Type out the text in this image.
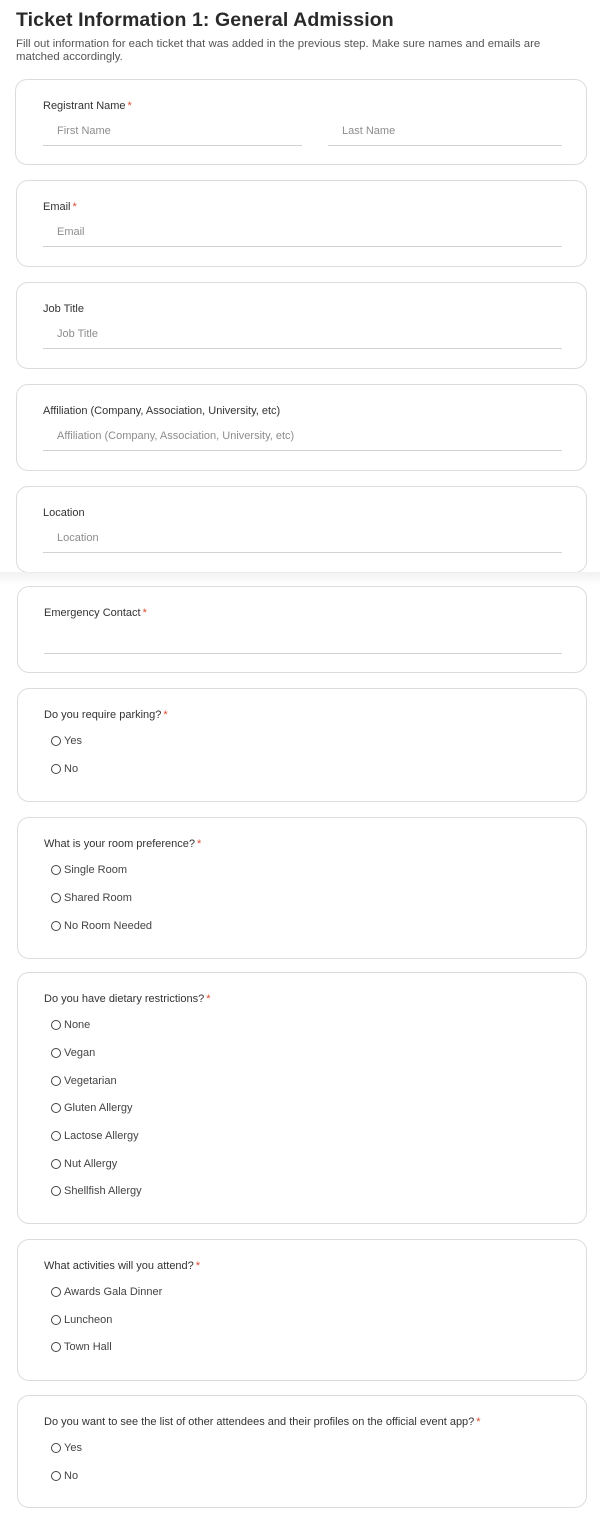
Ticket Information 1: General Admission
Fill out information for each ticket that was added in the previous step. Make sure names and emails are matched accordingly.
Registrant Name *
First Name
Last Name
Email *
Email
Job Title
Job Title
Affiliation (Company, Association, University, etc)
Affiliation (Company, Association, University, etc)
Location
Location
Emergency Contact *
Do you require parking? *
Yes
No
What is your room preference? *
Single Room
Shared Room
No Room Needed
Do you have dietary restrictions? *
None
Vegan
Vegetarian
Gluten Allergy
Lactose Allergy
Nut Allergy
Shellfish Allergy
What activities will you attend? *
Awards Gala Dinner
Luncheon
Town Hall
Do you want to see the list of other attendees and their profiles on the official event app? *
Yes
No
